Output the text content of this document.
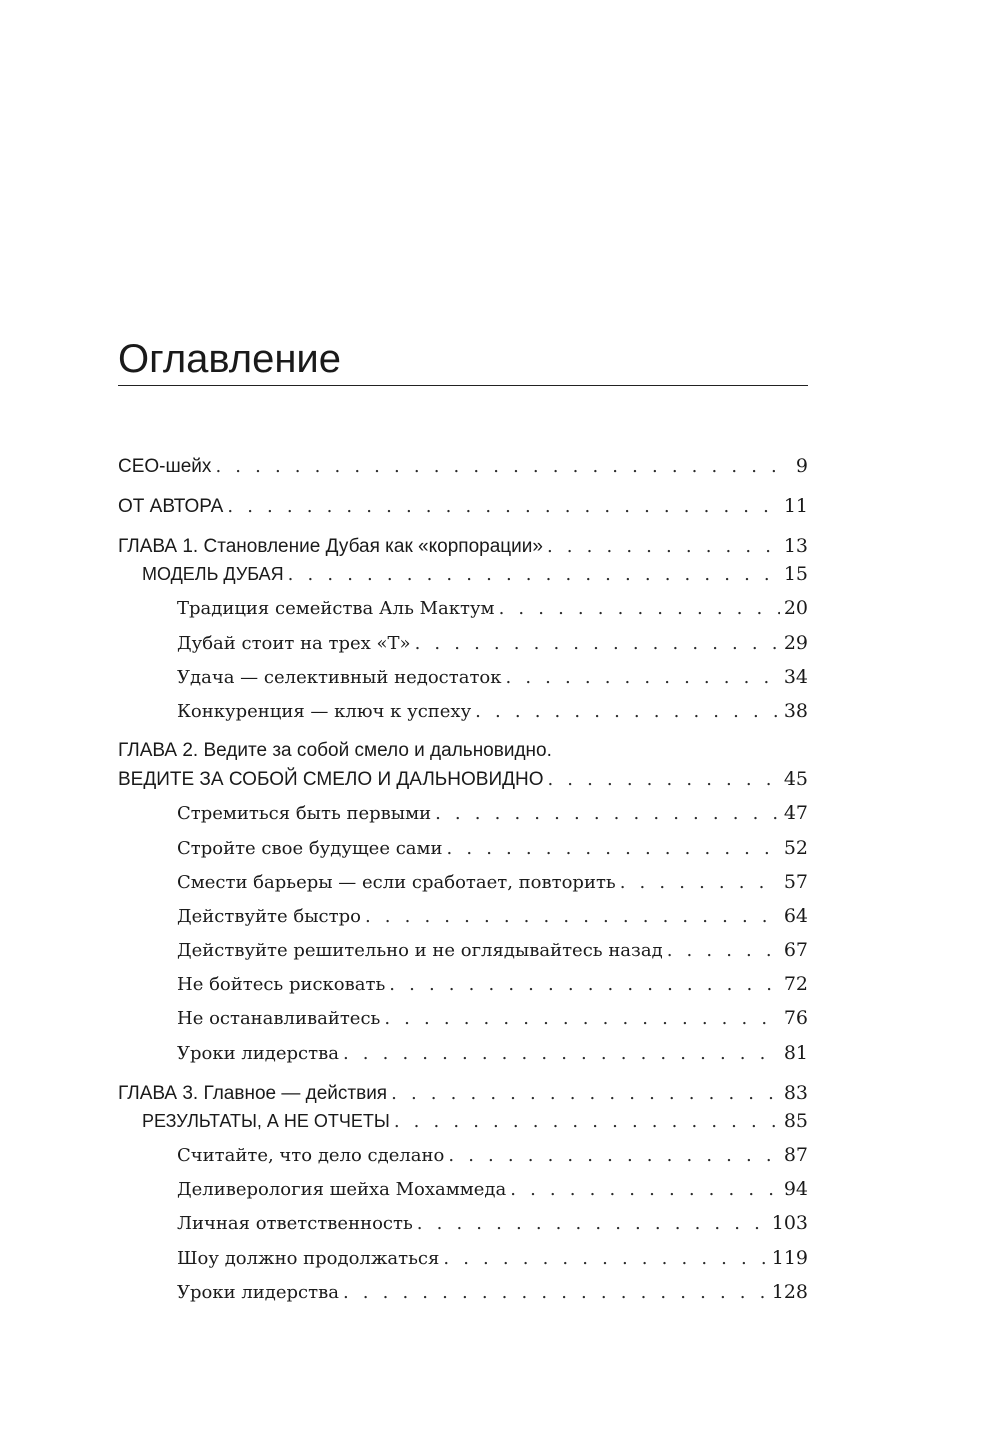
Оглавление
CEO-шейх . . .	9
ОТ АВТОРА . . .	11
ГЛАВА 1. Становление Дубая как «корпорации» . . .	13
МОДЕЛЬ ДУБАЯ . . .	15
Традиция семейства Аль Мактум . . .	20
Дубай стоит на трех «Т» . . .	29
Удача — селективный недостаток . . .	34
Конкуренция — ключ к успеху . . .	38
ГЛАВА 2. Ведите за собой смело и дальновидно.
ВЕДИТЕ ЗА СОБОЙ СМЕЛО И ДАЛЬНОВИДНО . . .	45
Стремиться быть первыми . . .	47
Стройте свое будущее сами . . .	52
Смести барьеры — если сработает, повторить . . .	57
Действуйте быстро . . .	64
Действуйте решительно и не оглядывайтесь назад . . .	67
Не бойтесь рисковать . . .	72
Не останавливайтесь . . .	76
Уроки лидерства . . .	81
ГЛАВА 3. Главное — действия . . .	83
РЕЗУЛЬТАТЫ, А НЕ ОТЧЕТЫ . . .	85
Считайте, что дело сделано . . .	87
Деливерология шейха Мохаммеда . . .	94
Личная ответственность . . .	103
Шоу должно продолжаться . . .	119
Уроки лидерства . . .	128
